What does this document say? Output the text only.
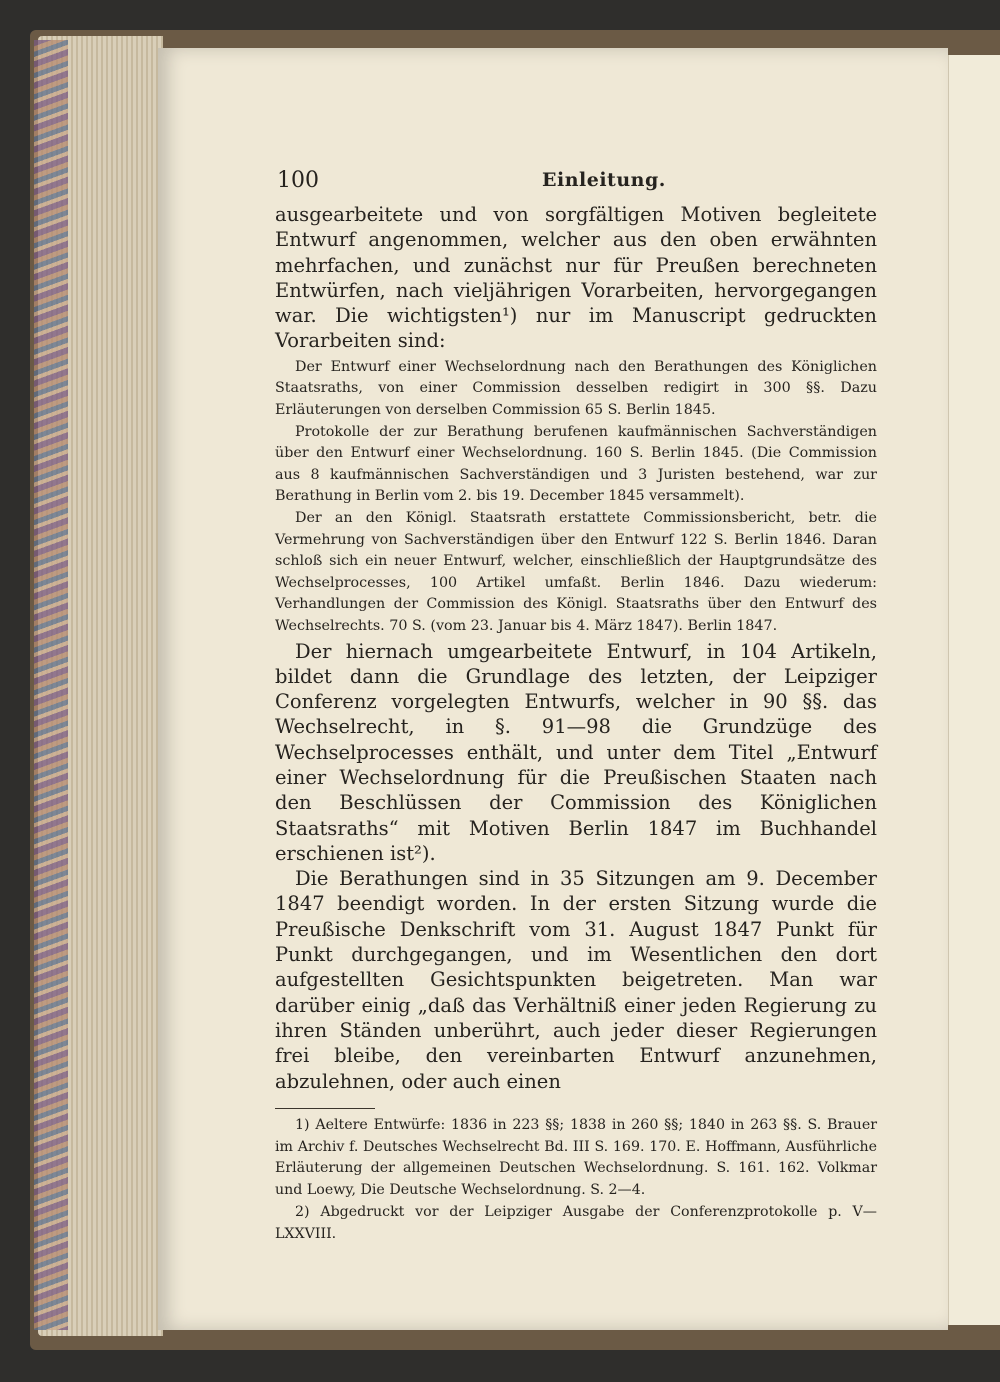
100	Einleitung.

ausgearbeitete und von sorgfältigen Motiven begleitete Entwurf angenommen, welcher aus den oben erwähnten mehrfachen, und zunächst nur für Preußen berechneten Entwürfen, nach vieljährigen Vorarbeiten, hervorgegangen war. Die wichtigsten¹) nur im Manuscript gedruckten Vorarbeiten sind:

Der Entwurf einer Wechselordnung nach den Berathungen des Königlichen Staatsraths, von einer Commission desselben redigirt in 300 §§. Dazu Erläuterungen von derselben Commission 65 S. Berlin 1845.

Protokolle der zur Berathung berufenen kaufmännischen Sachverständigen über den Entwurf einer Wechselordnung. 160 S. Berlin 1845. (Die Commission aus 8 kaufmännischen Sachverständigen und 3 Juristen bestehend, war zur Berathung in Berlin vom 2. bis 19. December 1845 versammelt).

Der an den Königl. Staatsrath erstattete Commissionsbericht, betr. die Vermehrung von Sachverständigen über den Entwurf 122 S. Berlin 1846. Daran schloß sich ein neuer Entwurf, welcher, einschließlich der Hauptgrundsätze des Wechselprocesses, 100 Artikel umfaßt. Berlin 1846. Dazu wiederum: Verhandlungen der Commission des Königl. Staatsraths über den Entwurf des Wechselrechts. 70 S. (vom 23. Januar bis 4. März 1847). Berlin 1847.

Der hiernach umgearbeitete Entwurf, in 104 Artikeln, bildet dann die Grundlage des letzten, der Leipziger Conferenz vorgelegten Entwurfs, welcher in 90 §§. das Wechselrecht, in §. 91—98 die Grundzüge des Wechselprocesses enthält, und unter dem Titel „Entwurf einer Wechselordnung für die Preußischen Staaten nach den Beschlüssen der Commission des Königlichen Staatsraths“ mit Motiven Berlin 1847 im Buchhandel erschienen ist²).

Die Berathungen sind in 35 Sitzungen am 9. December 1847 beendigt worden. In der ersten Sitzung wurde die Preußische Denkschrift vom 31. August 1847 Punkt für Punkt durchgegangen, und im Wesentlichen den dort aufgestellten Gesichtspunkten beigetreten. Man war darüber einig „daß das Verhältniß einer jeden Regierung zu ihren Ständen unberührt, auch jeder dieser Regierungen frei bleibe, den vereinbarten Entwurf anzunehmen, abzulehnen, oder auch einen

1) Aeltere Entwürfe: 1836 in 223 §§; 1838 in 260 §§; 1840 in 263 §§. S. Brauer im Archiv f. Deutsches Wechselrecht Bd. III S. 169. 170. E. Hoffmann, Ausführliche Erläuterung der allgemeinen Deutschen Wechselordnung. S. 161. 162. Volkmar und Loewy, Die Deutsche Wechselordnung. S. 2—4.

2) Abgedruckt vor der Leipziger Ausgabe der Conferenzprotokolle p. V—LXXVIII.
